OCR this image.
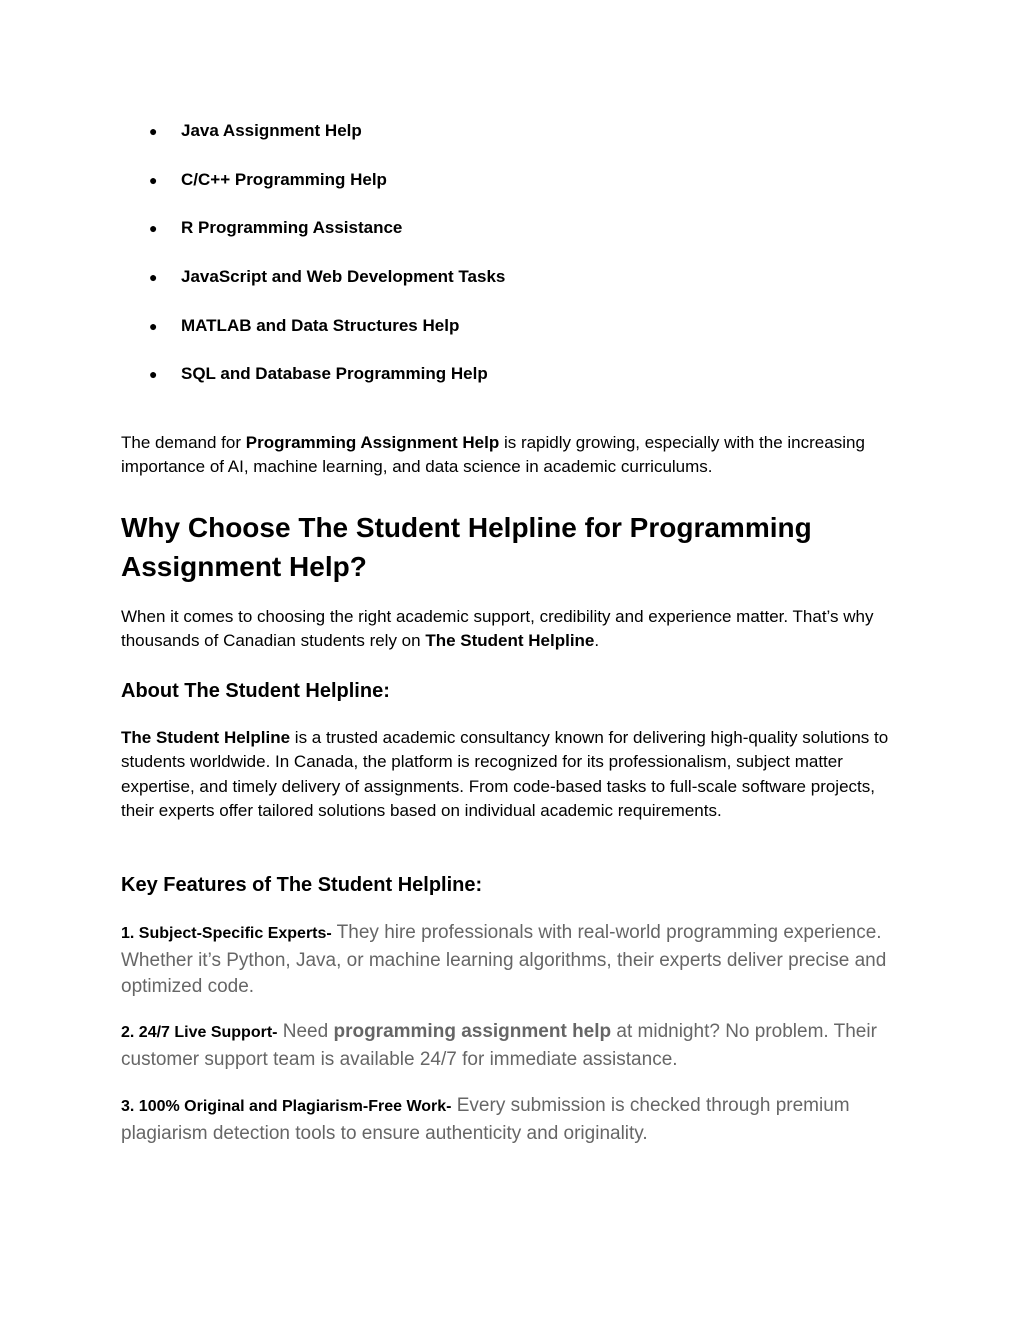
● Java Assignment Help
● C/C++ Programming Help
● R Programming Assistance
● JavaScript and Web Development Tasks
● MATLAB and Data Structures Help
● SQL and Database Programming Help

The demand for Programming Assignment Help is rapidly growing, especially with the increasing importance of AI, machine learning, and data science in academic curriculums.

Why Choose The Student Helpline for Programming Assignment Help?

When it comes to choosing the right academic support, credibility and experience matter. That’s why thousands of Canadian students rely on The Student Helpline.

About The Student Helpline:

The Student Helpline is a trusted academic consultancy known for delivering high-quality solutions to students worldwide. In Canada, the platform is recognized for its professionalism, subject matter expertise, and timely delivery of assignments. From code-based tasks to full-scale software projects, their experts offer tailored solutions based on individual academic requirements.

Key Features of The Student Helpline:

1. Subject-Specific Experts- They hire professionals with real-world programming experience. Whether it’s Python, Java, or machine learning algorithms, their experts deliver precise and optimized code.

2. 24/7 Live Support- Need programming assignment help at midnight? No problem. Their customer support team is available 24/7 for immediate assistance.

3. 100% Original and Plagiarism-Free Work- Every submission is checked through premium plagiarism detection tools to ensure authenticity and originality.
